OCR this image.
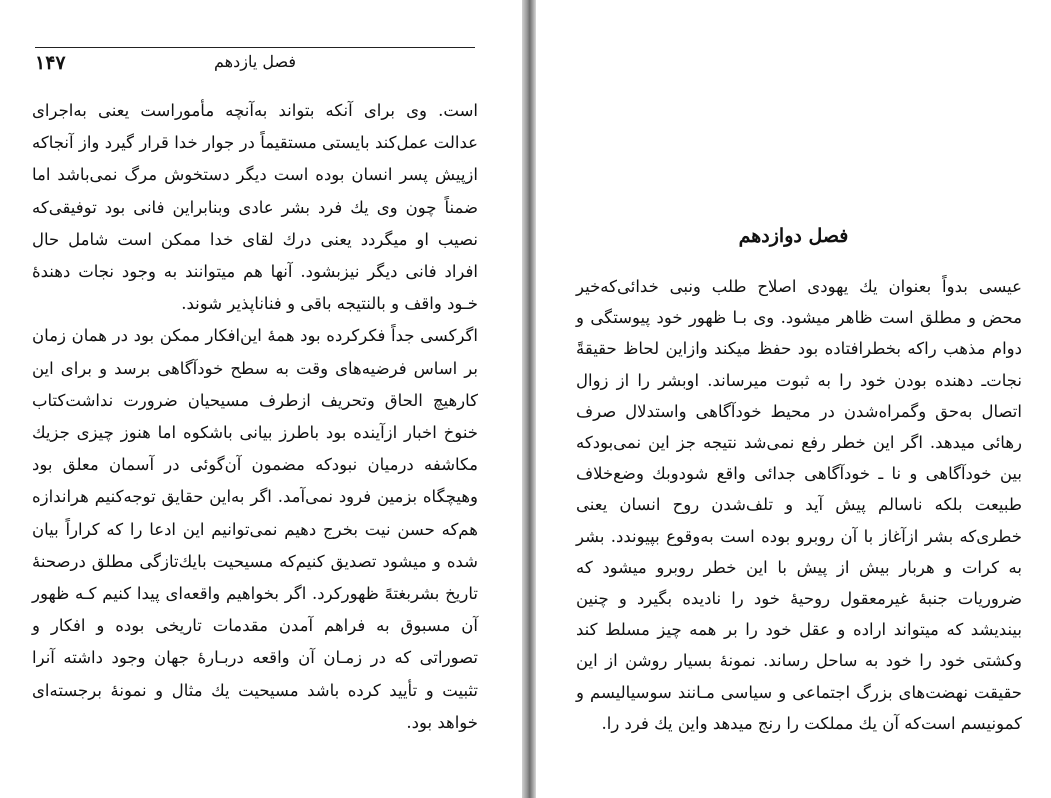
فصل یازدهم
۱۴۷

است. وی برای آنکه بتواند به‌آنچه مأموراست یعنی به‌اجرای عدالت عمل‌کند بایستی مستقیماً در جوار خدا قرار گیرد واز آنجاکه ازپیش پسر انسان بوده است دیگر دستخوش مرگ نمی‌باشد اما ضمناً چون وی یك فرد بشر عادی وبنابراین فانی بود توفیقی‌که نصیب او میگردد یعنی درك لقای خدا ممکن است شامل حال افراد فانی دیگر نیزبشود. آنها هم میتوانند به وجود نجات دهندهٔ خـود واقف و بالنتیجه باقی و فناناپذیر شوند.

اگرکسی جداً فکرکرده بود همهٔ این‌افکار ممکن بود در همان زمان بر اساس فرضیه‌های وقت به سطح خودآگاهی برسد و برای این کارهیچ الحاق وتحریف ازطرف مسیحیان ضرورت نداشت‌کتاب خنوخ اخبار ازآینده بود باطرز بیانی باشکوه اما هنوز چیزی جزیك مکاشفه درمیان نبودکه مضمون آن‌گوئی در آسمان معلق بود وهیچگاه بزمین فرود نمی‌آمد. اگر به‌این حقایق توجه‌کنیم هراندازه هم‌که حسن نیت بخرج دهیم نمی‌توانیم این ادعا را که کراراً بیان شده و میشود تصدیق کنیم‌که مسیحیت بایك‌تازگی مطلق درصحنهٔ تاریخ بشربغتهً ظهورکرد. اگر بخواهیم واقعه‌ای پیدا کنیم کـه ظهور آن مسبوق به فراهم آمدن مقدمات تاریخی بوده و افکار و تصوراتی که در زمـان آن واقعه دربـارهٔ جهان وجود داشته آنرا تثبیت و تأیید کرده باشد مسیحیت یك مثال و نمونهٔ برجسته‌ای خواهد بود.

فصل دوازدهم

عیسی بدواً بعنوان یك یهودی اصلاح طلب ونبی خدائی‌که‌خیر محض و مطلق است ظاهر میشود. وی بـا ظهور خود پیوستگی و دوام مذهب راکه بخطرافتاده بود حفظ میکند وازاین لحاظ حقیقة‌ً نجات‌ـ دهنده بودن خود را به ثبوت میرساند. اوبشر را از زوال اتصال به‌حق وگمراه‌شدن در محیط خودآگاهی واستدلال صرف رهائی میدهد. اگر این خطر رفع نمی‌شد نتیجه جز این نمی‌بودکه بین خودآگاهی و نا ـ خودآگاهی جدائی واقع شودوبك وضع‌خلاف طبیعت بلکه ناسالم پیش آید و تلف‌شدن روح انسان یعنی خطری‌که بشر ازآغاز با آن روبرو بوده است به‌وقوع بپیوندد. بشر به کرات و هربار بیش از پیش با این خطر روبرو میشود که ضروریات جنبهٔ غیرمعقول روحیهٔ خود را نادیده بگیرد و چنین بیندیشد که میتواند اراده و عقل خود را بر همه چیز مسلط کند وکشتی خود را خود به ساحل رساند. نمونهٔ بسیار روشن از این حقیقت نهضت‌های بزرگ اجتماعی و سیاسی مـانند سوسیالیسم و کمونیسم است‌که آن یك مملکت را رنج میدهد واین یك فرد را.
